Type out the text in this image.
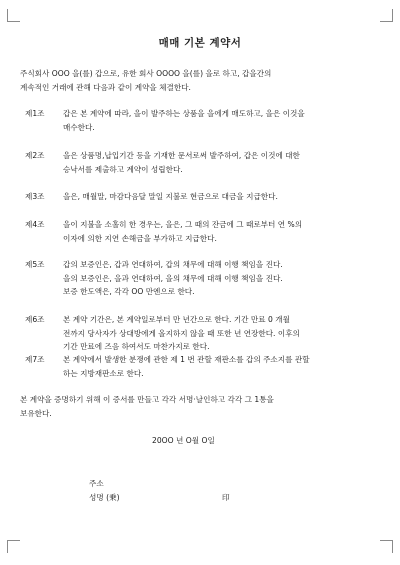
매매 기본 계약서
주식회사 OOO 을(를) 갑으로, 유한 회사 OOOO 을(를) 을로 하고, 갑을간의
계속적인 거래에 관해 다음과 같이 계약을 체결한다.
제1조 갑은 본 계약에 따라, 을이 발주하는 상품을 을에게 매도하고, 을은 이것을
매수한다.
제2조 을은 상품명,납입기간 등을 기재한 문서로써 발주하여, 갑은 이것에 대한
승낙서를 제출하고 계약이 성립한다.
제3조 을은, 매월말, 마감다음달 말일 지불로 현금으로 대금을 지급한다.
제4조 을이 지불을 소홀히 한 경우는, 을은, 그 때의 잔금에 그 때로부터 연 %의
이자에 의한 지연 손해금을 부가하고 지급한다.
제5조 갑의 보증인은, 갑과 연대하여, 갑의 채무에 대해 이행 책임을 진다.
을의 보증인은, 을과 연대하여, 을의 채무에 대해 이행 책임을 진다.
보증 한도액은, 각각 OO 만엔으로 한다.
제6조 본 계약 기간은, 본 계약일로부터 만 년간으로 한다. 기간 만료 0 개월
전까지 당사자가 상대방에게 올지하지 않을 때 또한 년 연장한다. 이후의
기간 만료에 즈음 하여서도 마찬가지로 한다.
제7조 본 계약에서 발생한 분쟁에 관한 제 1 번 관할 재판소를 갑의 주소지를 관할
하는 지방재판소로 한다.
본 계약을 증명하기 위해 이 증서를 만들고 각각 서명·날인하고 각각 그 1통을
보유한다.
20OO 년 O월 O일
주소
성명 (乗)	印
